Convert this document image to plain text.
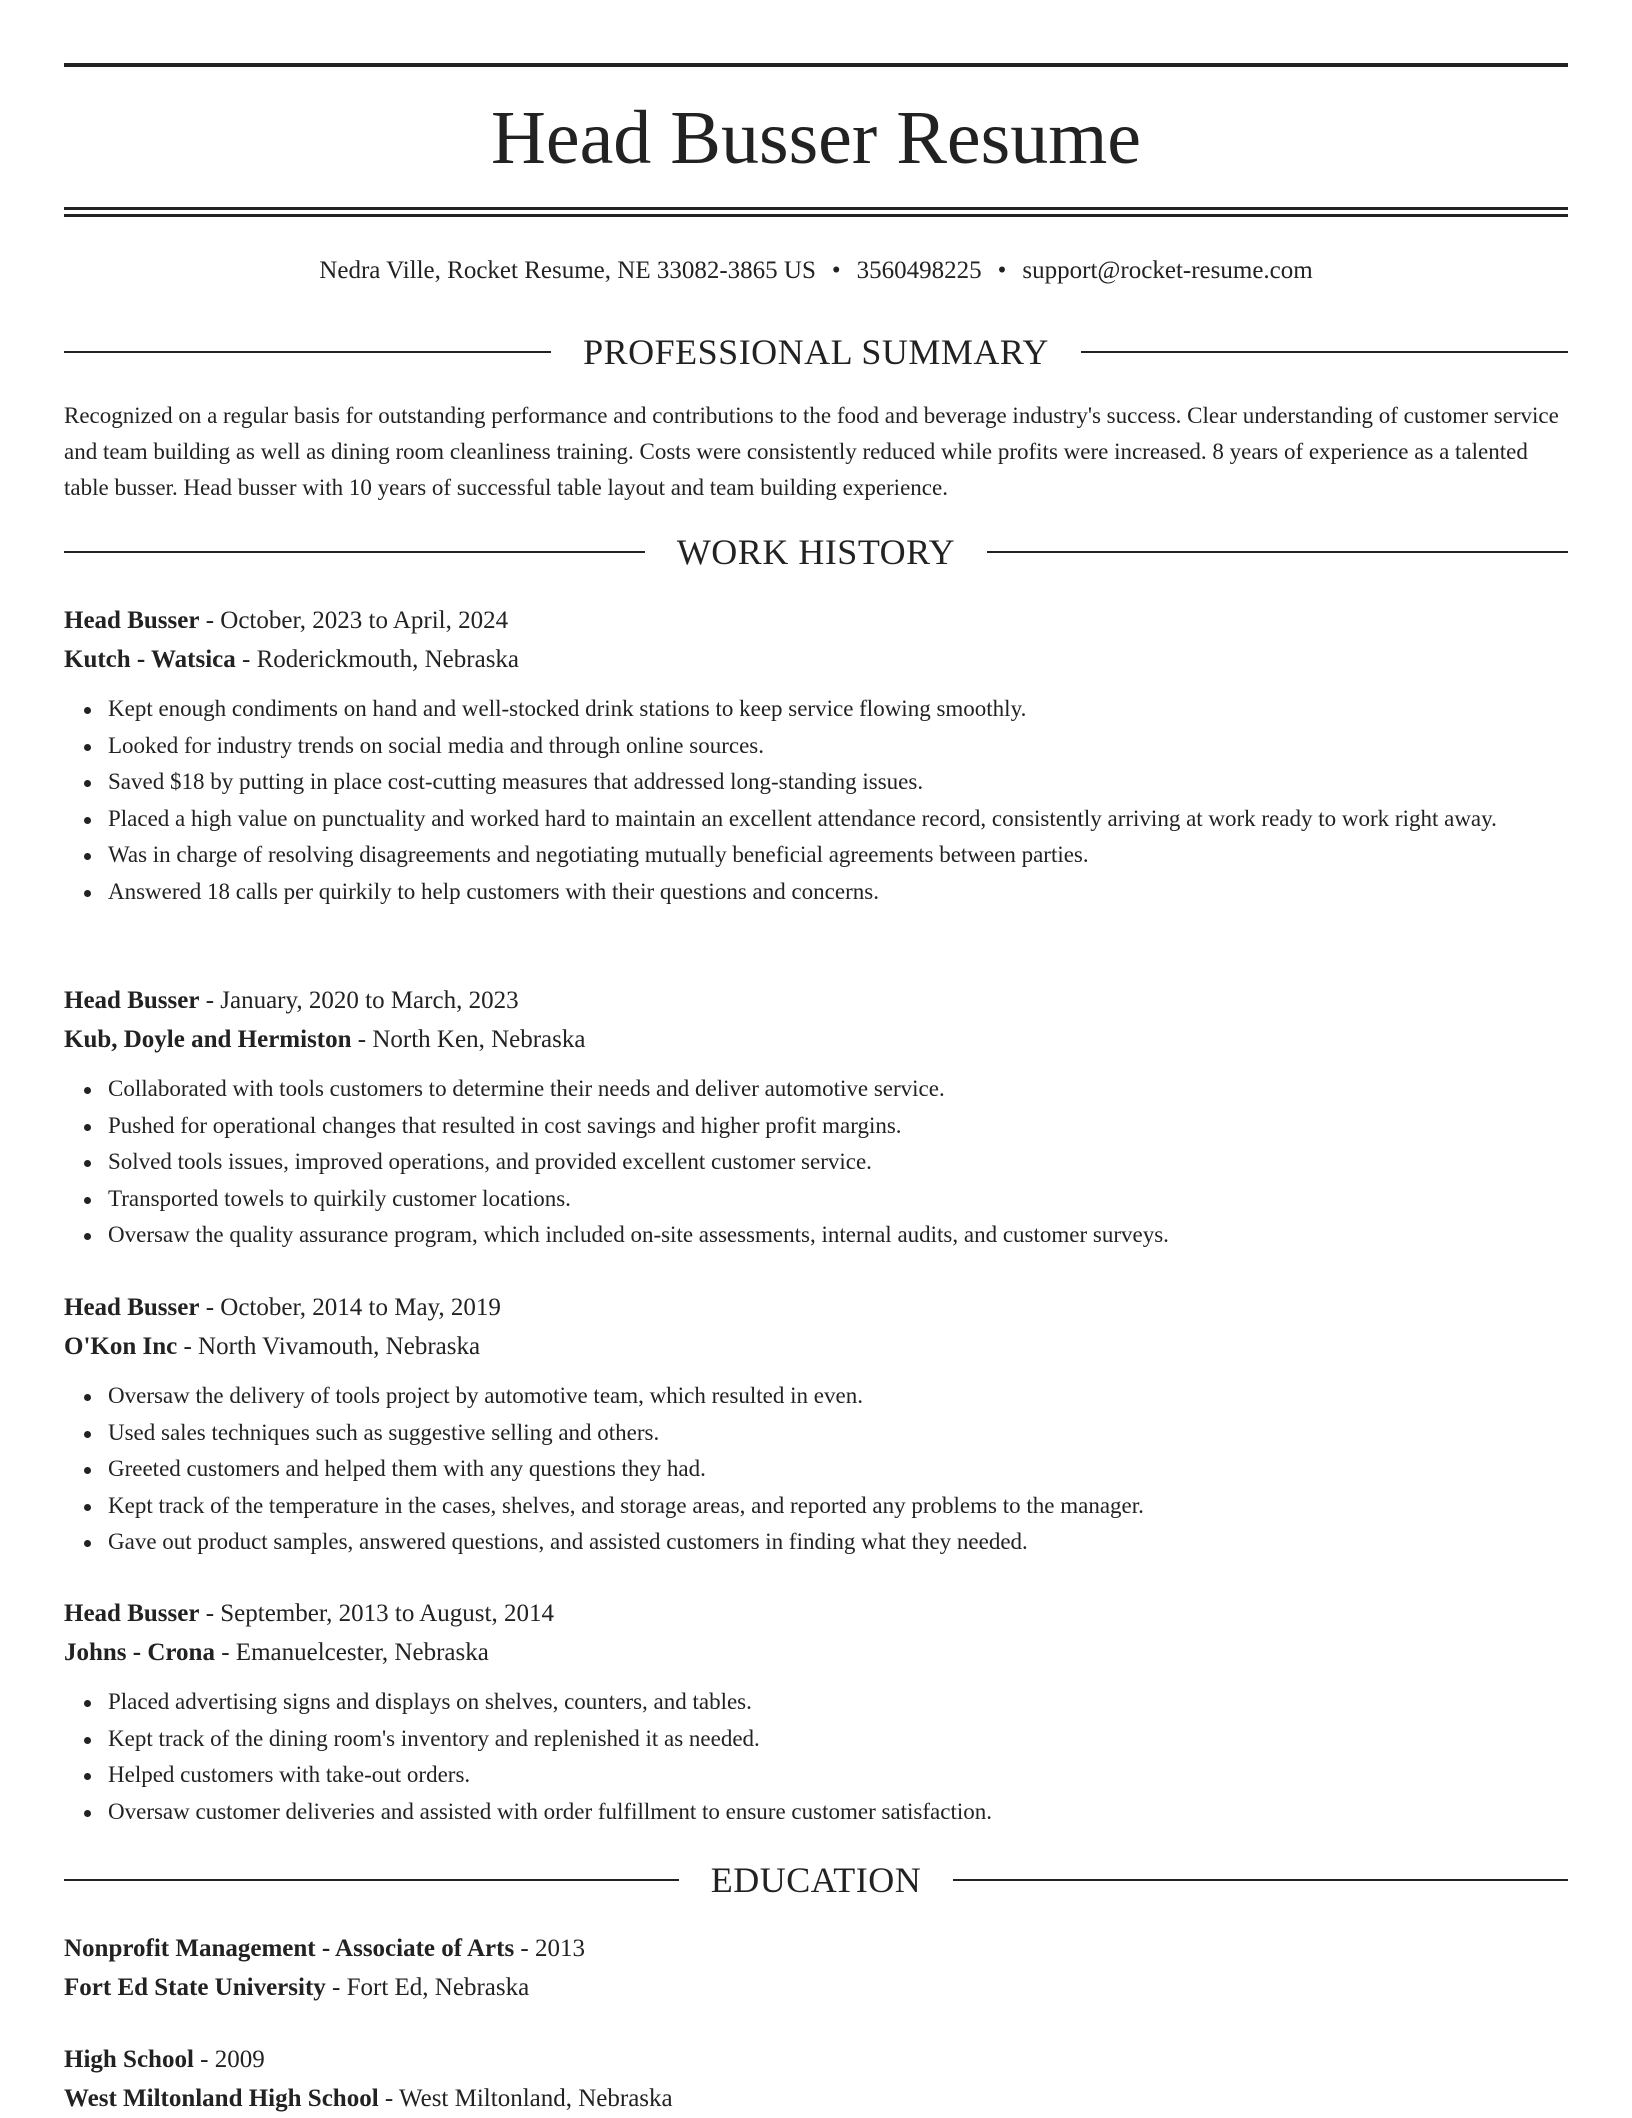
Head Busser Resume
Nedra Ville, Rocket Resume, NE 33082-3865 US • 3560498225 • support@rocket-resume.com
PROFESSIONAL SUMMARY

Recognized on a regular basis for outstanding performance and contributions to the food and beverage industry's success. Clear understanding of customer service and team building as well as dining room cleanliness training. Costs were consistently reduced while profits were increased. 8 years of experience as a talented table busser. Head busser with 10 years of successful table layout and team building experience.

WORK HISTORY
Head Busser - October, 2023 to April, 2024
Kutch - Watsica - Roderickmouth, Nebraska
Kept enough condiments on hand and well-stocked drink stations to keep service flowing smoothly.
Looked for industry trends on social media and through online sources.
Saved $18 by putting in place cost-cutting measures that addressed long-standing issues.
Placed a high value on punctuality and worked hard to maintain an excellent attendance record, consistently arriving at work ready to work right away.
Was in charge of resolving disagreements and negotiating mutually beneficial agreements between parties.
Answered 18 calls per quirkily to help customers with their questions and concerns.
Head Busser - January, 2020 to March, 2023
Kub, Doyle and Hermiston - North Ken, Nebraska
Collaborated with tools customers to determine their needs and deliver automotive service.
Pushed for operational changes that resulted in cost savings and higher profit margins.
Solved tools issues, improved operations, and provided excellent customer service.
Transported towels to quirkily customer locations.
Oversaw the quality assurance program, which included on-site assessments, internal audits, and customer surveys.
Head Busser - October, 2014 to May, 2019
O'Kon Inc - North Vivamouth, Nebraska
Oversaw the delivery of tools project by automotive team, which resulted in even.
Used sales techniques such as suggestive selling and others.
Greeted customers and helped them with any questions they had.
Kept track of the temperature in the cases, shelves, and storage areas, and reported any problems to the manager.
Gave out product samples, answered questions, and assisted customers in finding what they needed.
Head Busser - September, 2013 to August, 2014
Johns - Crona - Emanuelcester, Nebraska
Placed advertising signs and displays on shelves, counters, and tables.
Kept track of the dining room's inventory and replenished it as needed.
Helped customers with take-out orders.
Oversaw customer deliveries and assisted with order fulfillment to ensure customer satisfaction.
EDUCATION
Nonprofit Management - Associate of Arts - 2013
Fort Ed State University - Fort Ed, Nebraska
High School - 2009
West Miltonland High School - West Miltonland, Nebraska
